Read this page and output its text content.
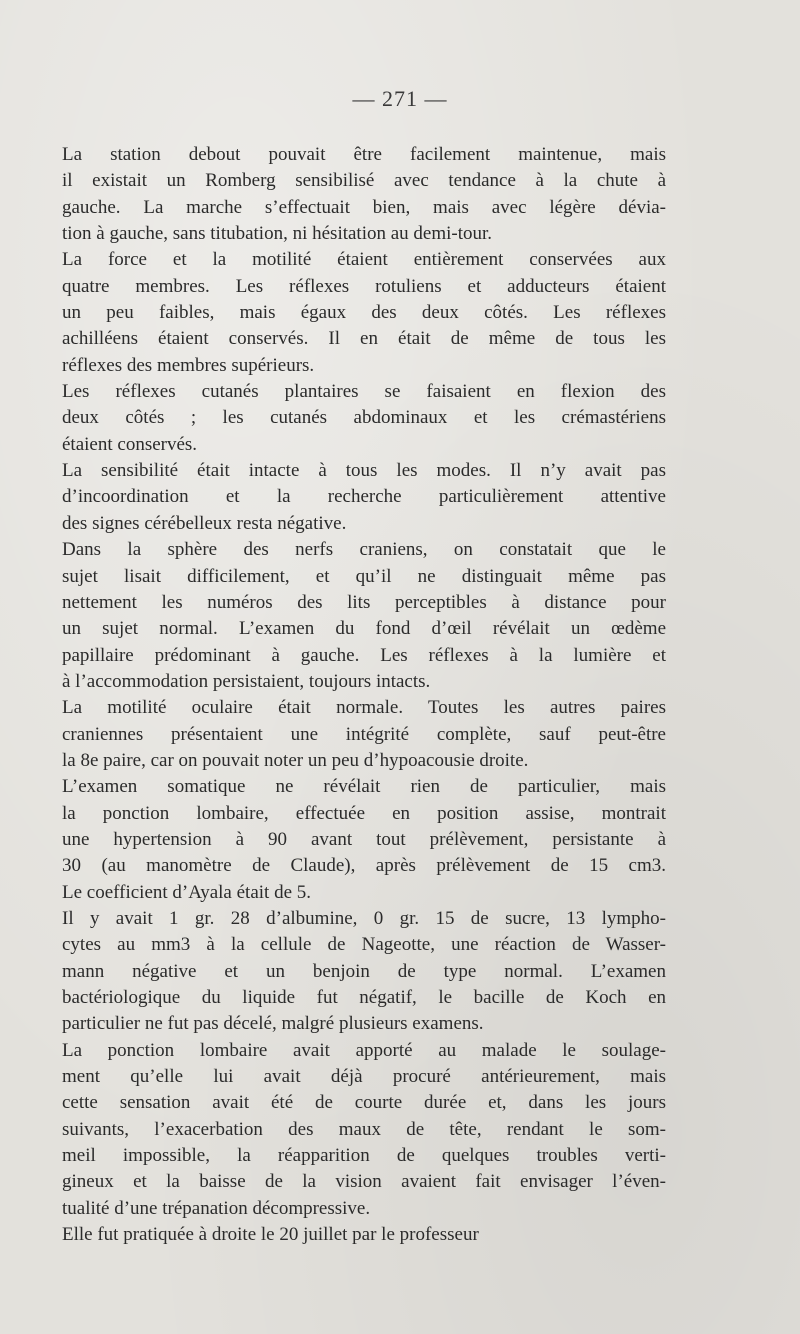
— 271 —

La station debout pouvait être facilement maintenue, mais
il existait un Romberg sensibilisé avec tendance à la chute à
gauche. La marche s’effectuait bien, mais avec légère dévia-
tion à gauche, sans titubation, ni hésitation au demi-tour.

La force et la motilité étaient entièrement conservées aux
quatre membres. Les réflexes rotuliens et adducteurs étaient
un peu faibles, mais égaux des deux côtés. Les réflexes
achilléens étaient conservés. Il en était de même de tous les
réflexes des membres supérieurs.

Les réflexes cutanés plantaires se faisaient en flexion des
deux côtés ; les cutanés abdominaux et les crémastériens
étaient conservés.

La sensibilité était intacte à tous les modes. Il n’y avait pas
d’incoordination et la recherche particulièrement attentive
des signes cérébelleux resta négative.

Dans la sphère des nerfs craniens, on constatait que le
sujet lisait difficilement, et qu’il ne distinguait même pas
nettement les numéros des lits perceptibles à distance pour
un sujet normal. L’examen du fond d’œil révélait un œdème
papillaire prédominant à gauche. Les réflexes à la lumière et
à l’accommodation persistaient, toujours intacts.

La motilité oculaire était normale. Toutes les autres paires
craniennes présentaient une intégrité complète, sauf peut-être
la 8e paire, car on pouvait noter un peu d’hypoacousie droite.

L’examen somatique ne révélait rien de particulier, mais
la ponction lombaire, effectuée en position assise, montrait
une hypertension à 90 avant tout prélèvement, persistante à
30 (au manomètre de Claude), après prélèvement de 15 cm3.
Le coefficient d’Ayala était de 5.

Il y avait 1 gr. 28 d’albumine, 0 gr. 15 de sucre, 13 lympho-
cytes au mm3 à la cellule de Nageotte, une réaction de Wasser-
mann négative et un benjoin de type normal. L’examen
bactériologique du liquide fut négatif, le bacille de Koch en
particulier ne fut pas décelé, malgré plusieurs examens.

La ponction lombaire avait apporté au malade le soulage-
ment qu’elle lui avait déjà procuré antérieurement, mais
cette sensation avait été de courte durée et, dans les jours
suivants, l’exacerbation des maux de tête, rendant le som-
meil impossible, la réapparition de quelques troubles verti-
gineux et la baisse de la vision avaient fait envisager l’éven-
tualité d’une trépanation décompressive.

Elle fut pratiquée à droite le 20 juillet par le professeur
